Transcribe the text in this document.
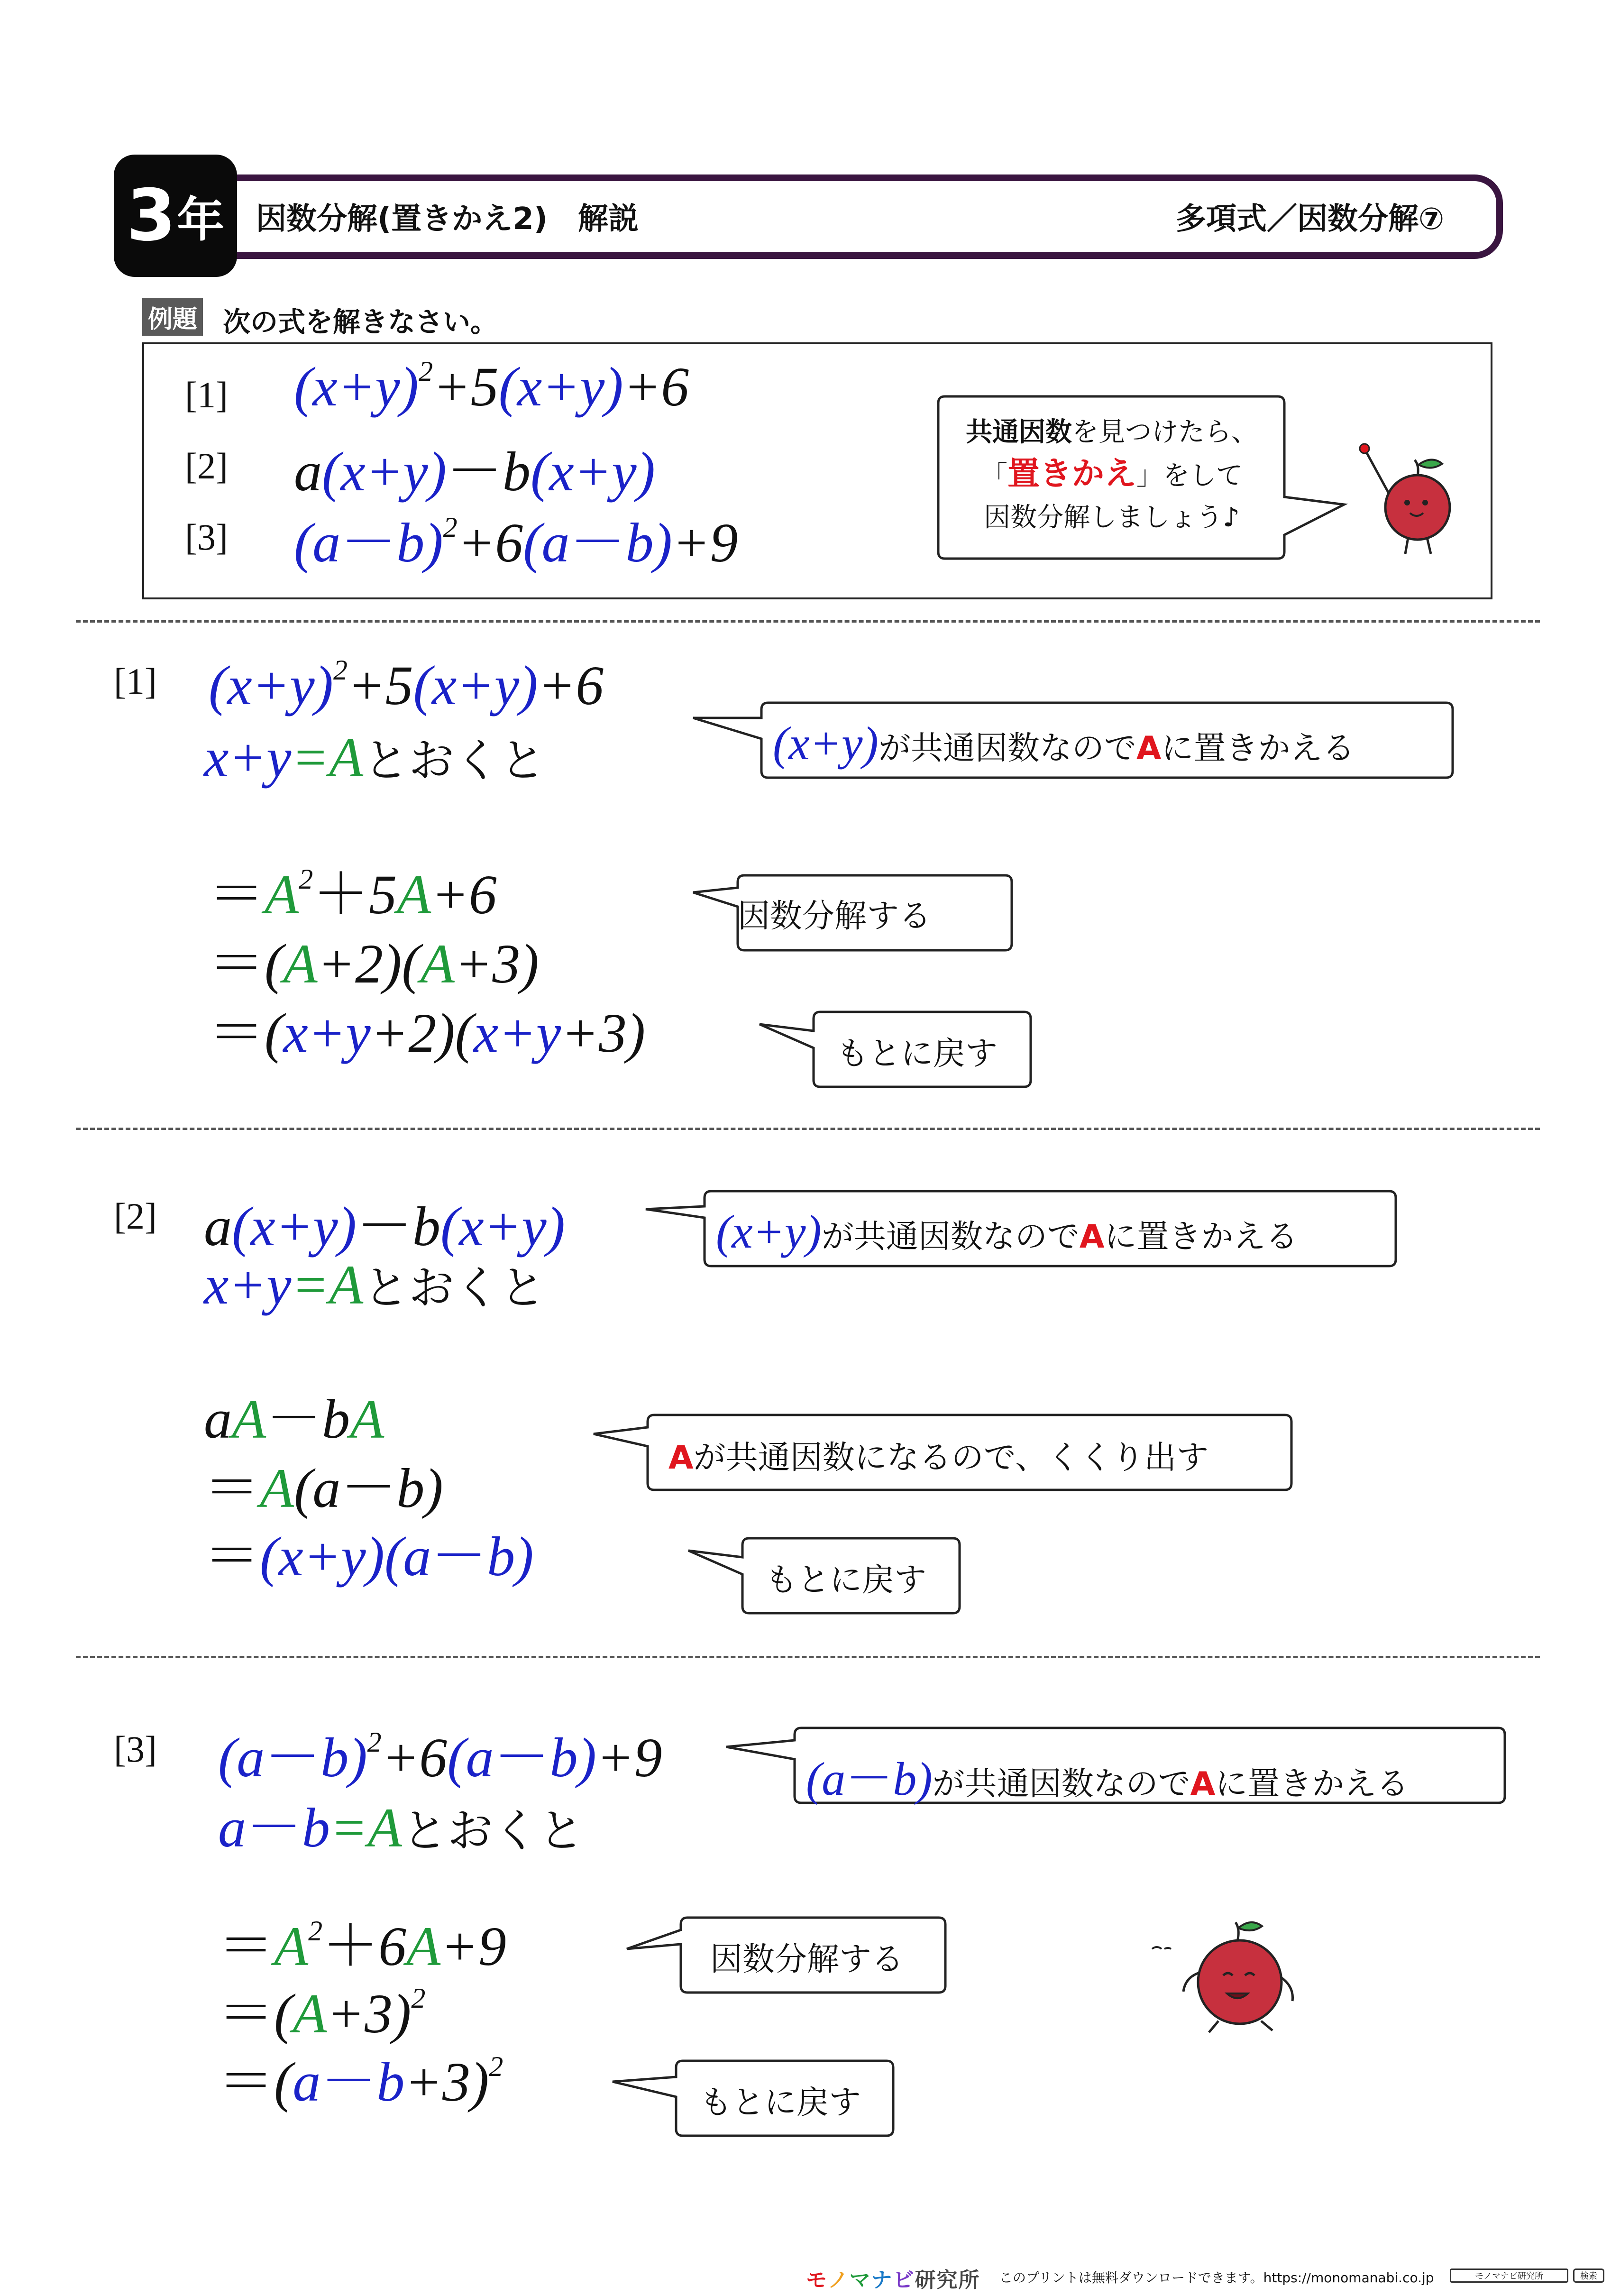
3 年 因数分解(置きかえ2)　解説	多項式／因数分解⑦
例題 次の式を解きなさい。
[1] $(x+y)^2+5(x+y)+6$
[2] a(x+y)－b(x+y)
[3] $(a-b)^2+6(a-b)+9$
共通因数を見つけたら、
「置きかえ」をして
因数分解しましょう♪
[1] $(x+y)^2+5(x+y)+6$
x+y=Aとおくと	(x+y)が共通因数なのでAに置きかえる
$=A^2+5A+6$	因数分解する
＝(A+2)(A+3)
＝(x+y+2)(x+y+3)	もとに戻す
[2] a(x+y)－b(x+y)
x+y=Aとおくと
(x+y)が共通因数なのでAに置きかえる
aA－bA
＝A(a－b)	Aが共通因数になるので、くくり出す
＝(x+y)(a－b)	もとに戻す
[3] $(a-b)^2+6(a-b)+9$
a－b=Aとおくと
(a－b)が共通因数なのでAに置きかえる
$=A^2+6A+9$	因数分解する
$=(A+3)^2$
$=(a-b+3)^2$
もとに戻す
モノマナビ研究所 このプリントは無料ダウンロードできます。https://monomanabi.co.jp	モノマナビ研究所	検索
